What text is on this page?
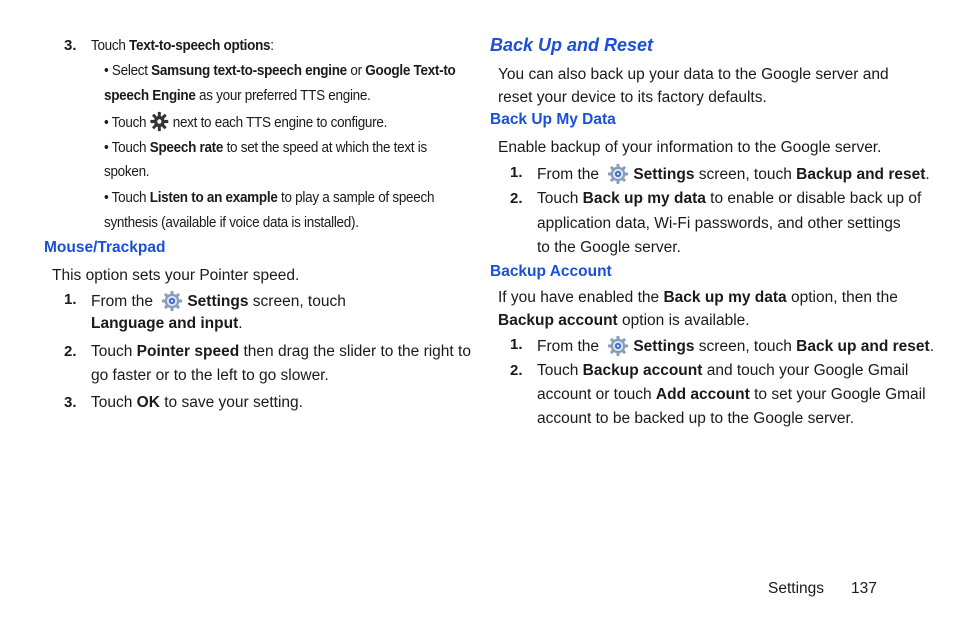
3. Touch Text-to-speech options:
• Select Samsung text-to-speech engine or Google Text-to
speech Engine as your preferred TTS engine.
• Touch  next to each TTS engine to configure.
• Touch Speech rate to set the speed at which the text is
spoken.
• Touch Listen to an example to play a sample of speech
synthesis (available if voice data is installed).
Mouse/Trackpad
This option sets your Pointer speed.
1. From the Settings screen, touch
Language and input.
2. Touch Pointer speed then drag the slider to the right to
go faster or to the left to go slower.
3. Touch OK to save your setting.
Back Up and Reset
You can also back up your data to the Google server and
reset your device to its factory defaults.
Back Up My Data
Enable backup of your information to the Google server.
1. From the Settings screen, touch Backup and reset.
2. Touch Back up my data to enable or disable back up of
application data, Wi-Fi passwords, and other settings
to the Google server.
Backup Account
If you have enabled the Back up my data option, then the
Backup account option is available.
1. From the Settings screen, touch Back up and reset.
2. Touch Backup account and touch your Google Gmail
account or touch Add account to set your Google Gmail
account to be backed up to the Google server.
Settings 137
